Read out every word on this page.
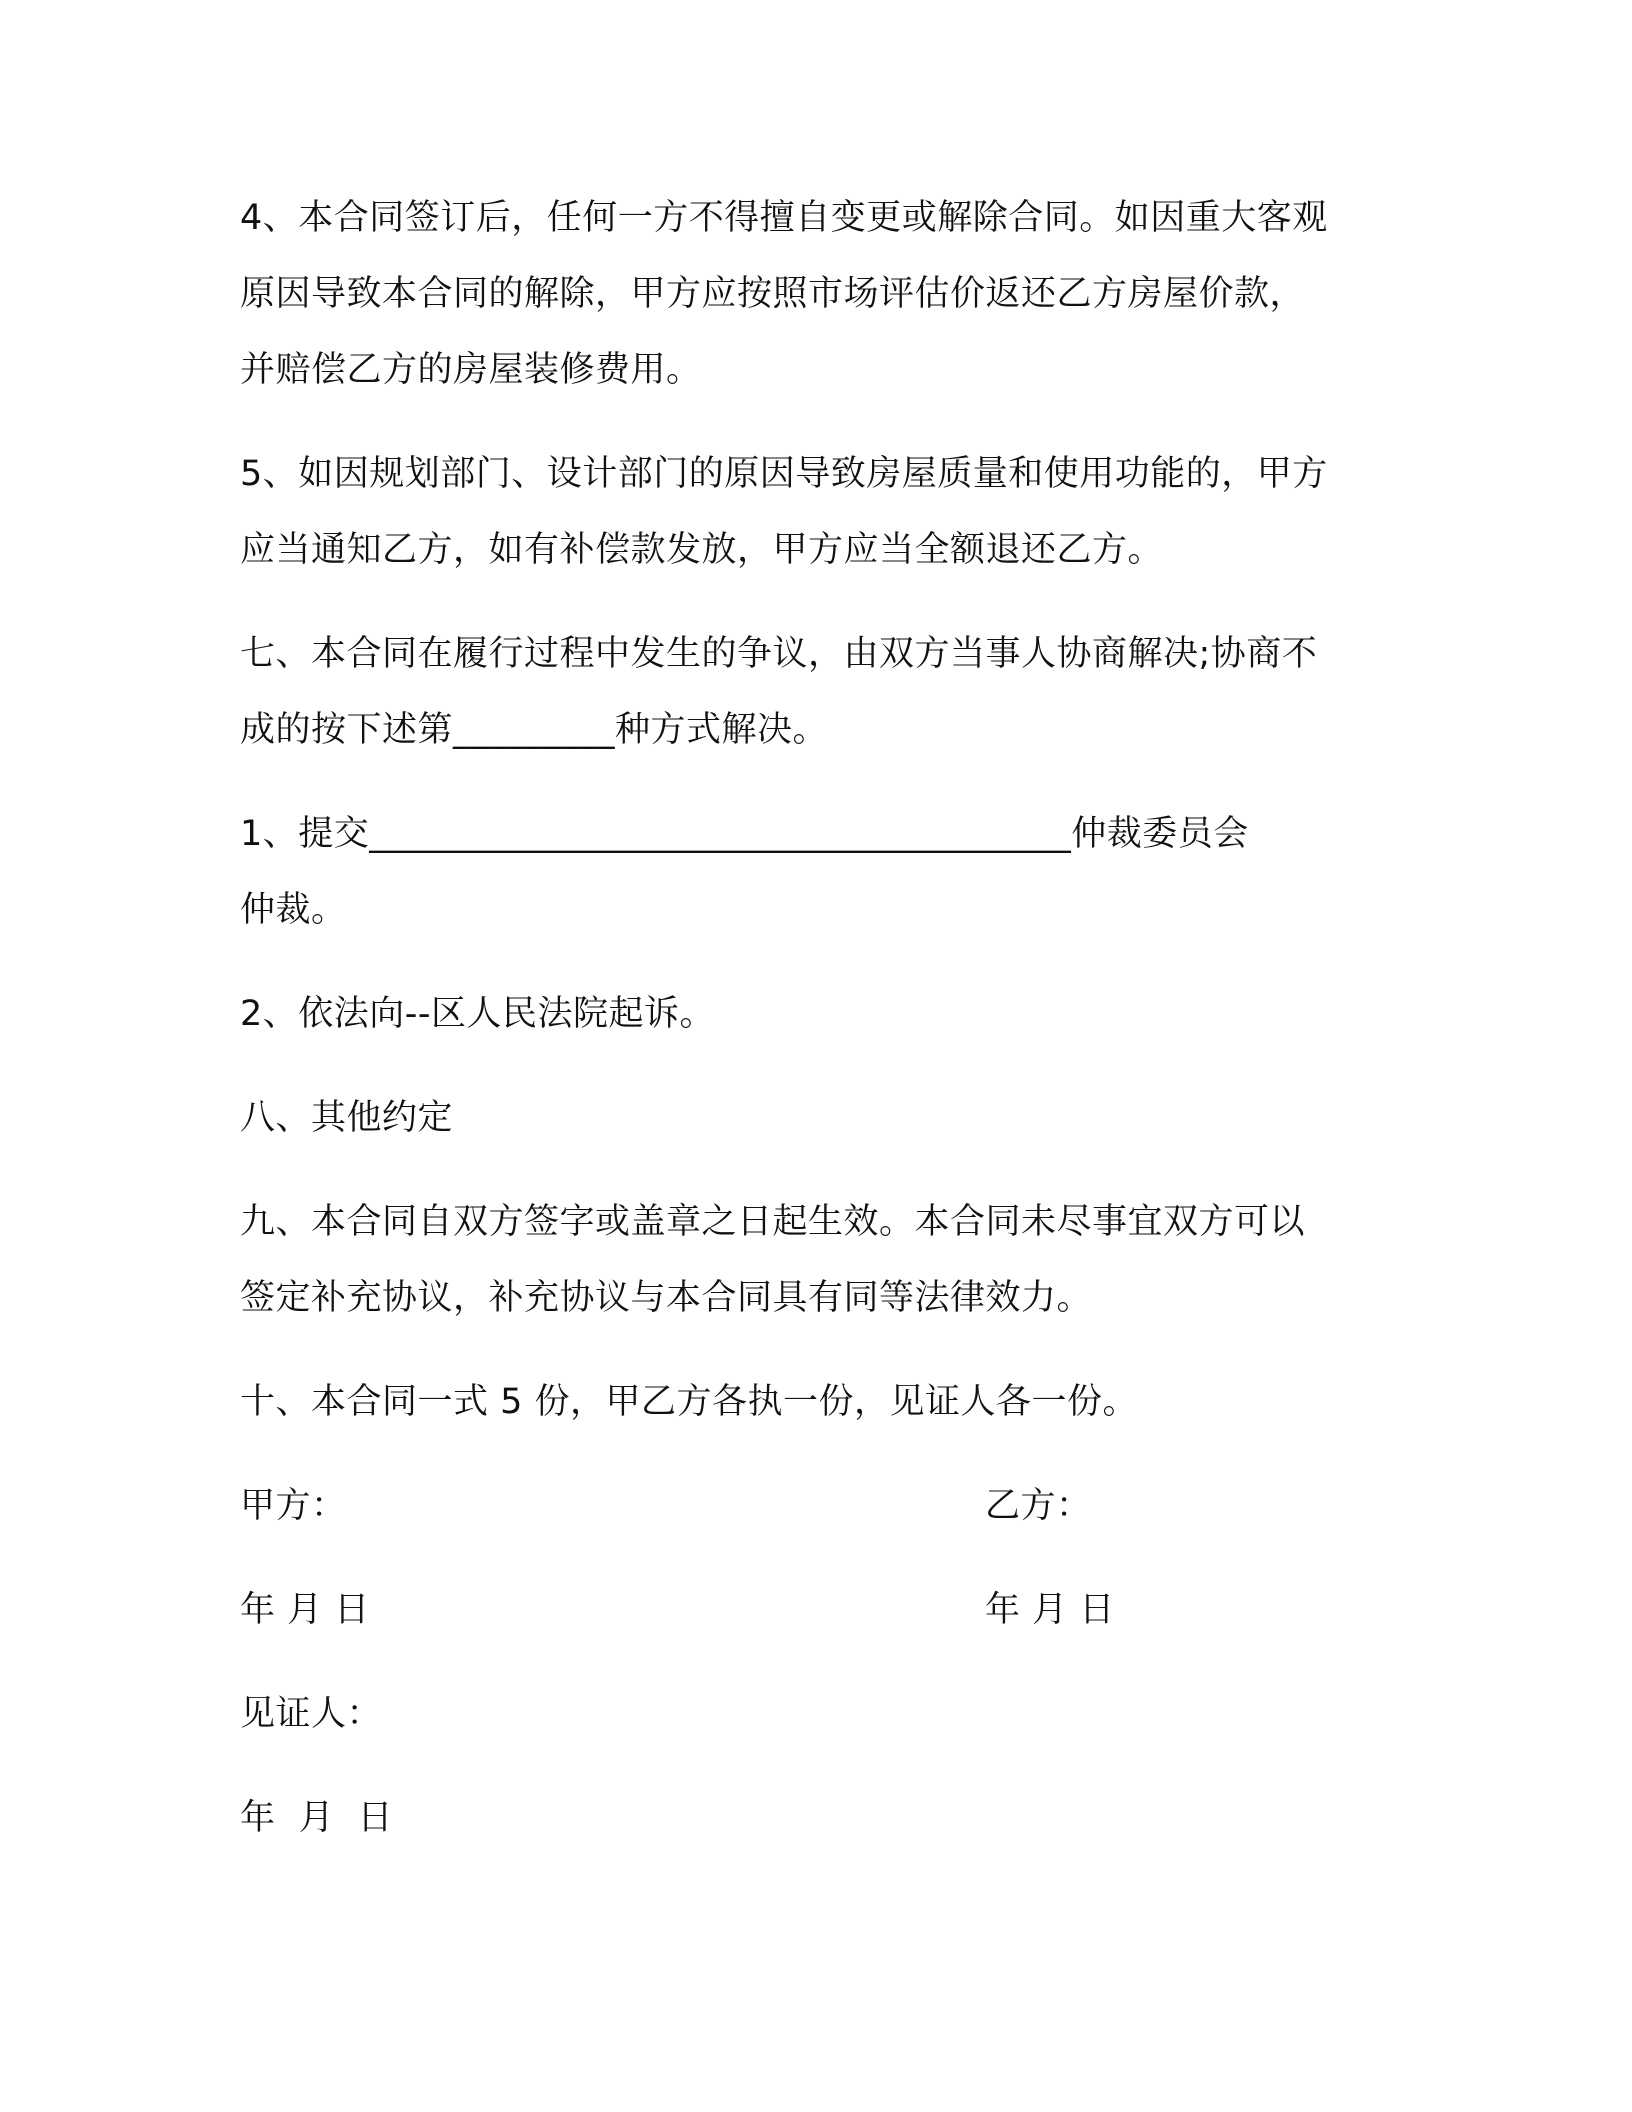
4、本合同签订后，任何一方不得擅自变更或解除合同。如因重大客观
原因导致本合同的解除，甲方应按照市场评估价返还乙方房屋价款，
并赔偿乙方的房屋装修费用。
5、如因规划部门、设计部门的原因导致房屋质量和使用功能的，甲方
应当通知乙方，如有补偿款发放，甲方应当全额退还乙方。
七、本合同在履行过程中发生的争议，由双方当事人协商解决;协商不
成的按下述第_________种方式解决。
1、提交_______________________________________仲裁委员会
仲裁。
2、依法向--区人民法院起诉。
八、其他约定
九、本合同自双方签字或盖章之日起生效。本合同未尽事宜双方可以
签定补充协议，补充协议与本合同具有同等法律效力。
十、本合同一式 5 份，甲乙方各执一份，见证人各一份。
甲方：	乙方：
年 月 日	年 月 日
见证人：
年  月  日
